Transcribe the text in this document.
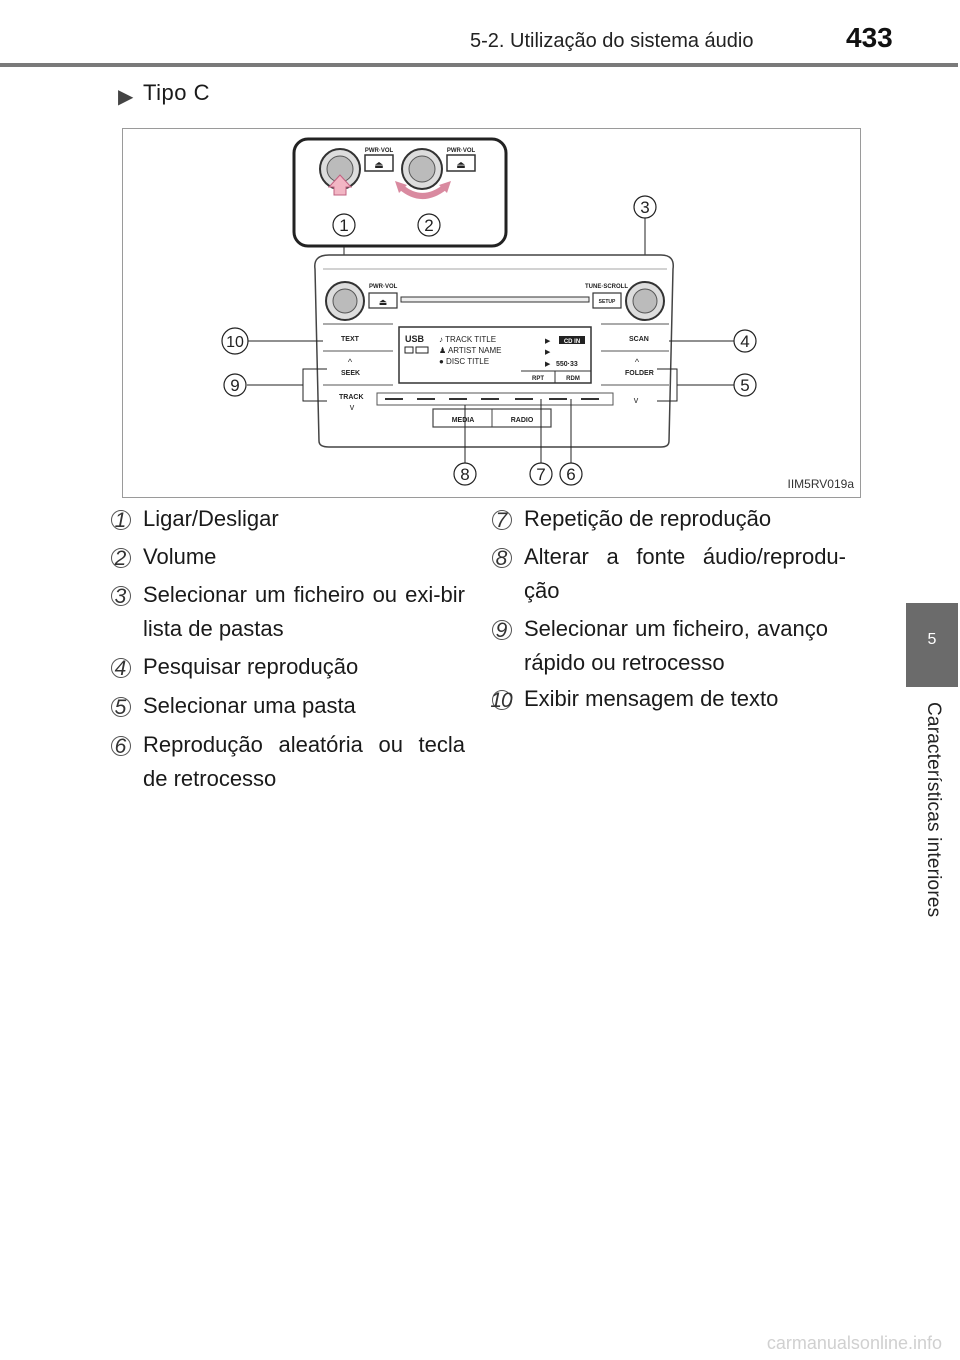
5-2. Utilização do sistema áudio	433
5
Características interiores
▶ Tipo C
⏏
PWR·VOL
⏏
PWR·VOL
1	2
3
PWR·VOL	TUNE·SCROLL
⏏	SETUP
TEXT
^
SEEK
TRACK
v
SCAN
^
FOLDER
v
USB ♪ TRACK TITLE
♟ ARTIST NAME
● DISC TITLE
▶
▶
▶
CD IN
550·33
RPT	RDM
MEDIA	RADIO
10
9
4
5
8	7 6	IIM5RV019a
1 Ligar/Desligar
2 Volume
3 Selecionar um ficheiro ou exi-bir lista de pastas
4 Pesquisar reprodução
5 Selecionar uma pasta
6 Reprodução aleatória ou tecla de retrocesso
7 Repetição de reprodução
8 Alterar a fonte áudio/reprodu-ção
9 Selecionar um ficheiro, avanço rápido ou retrocesso
10 Exibir mensagem de texto
carmanualsonline.info
